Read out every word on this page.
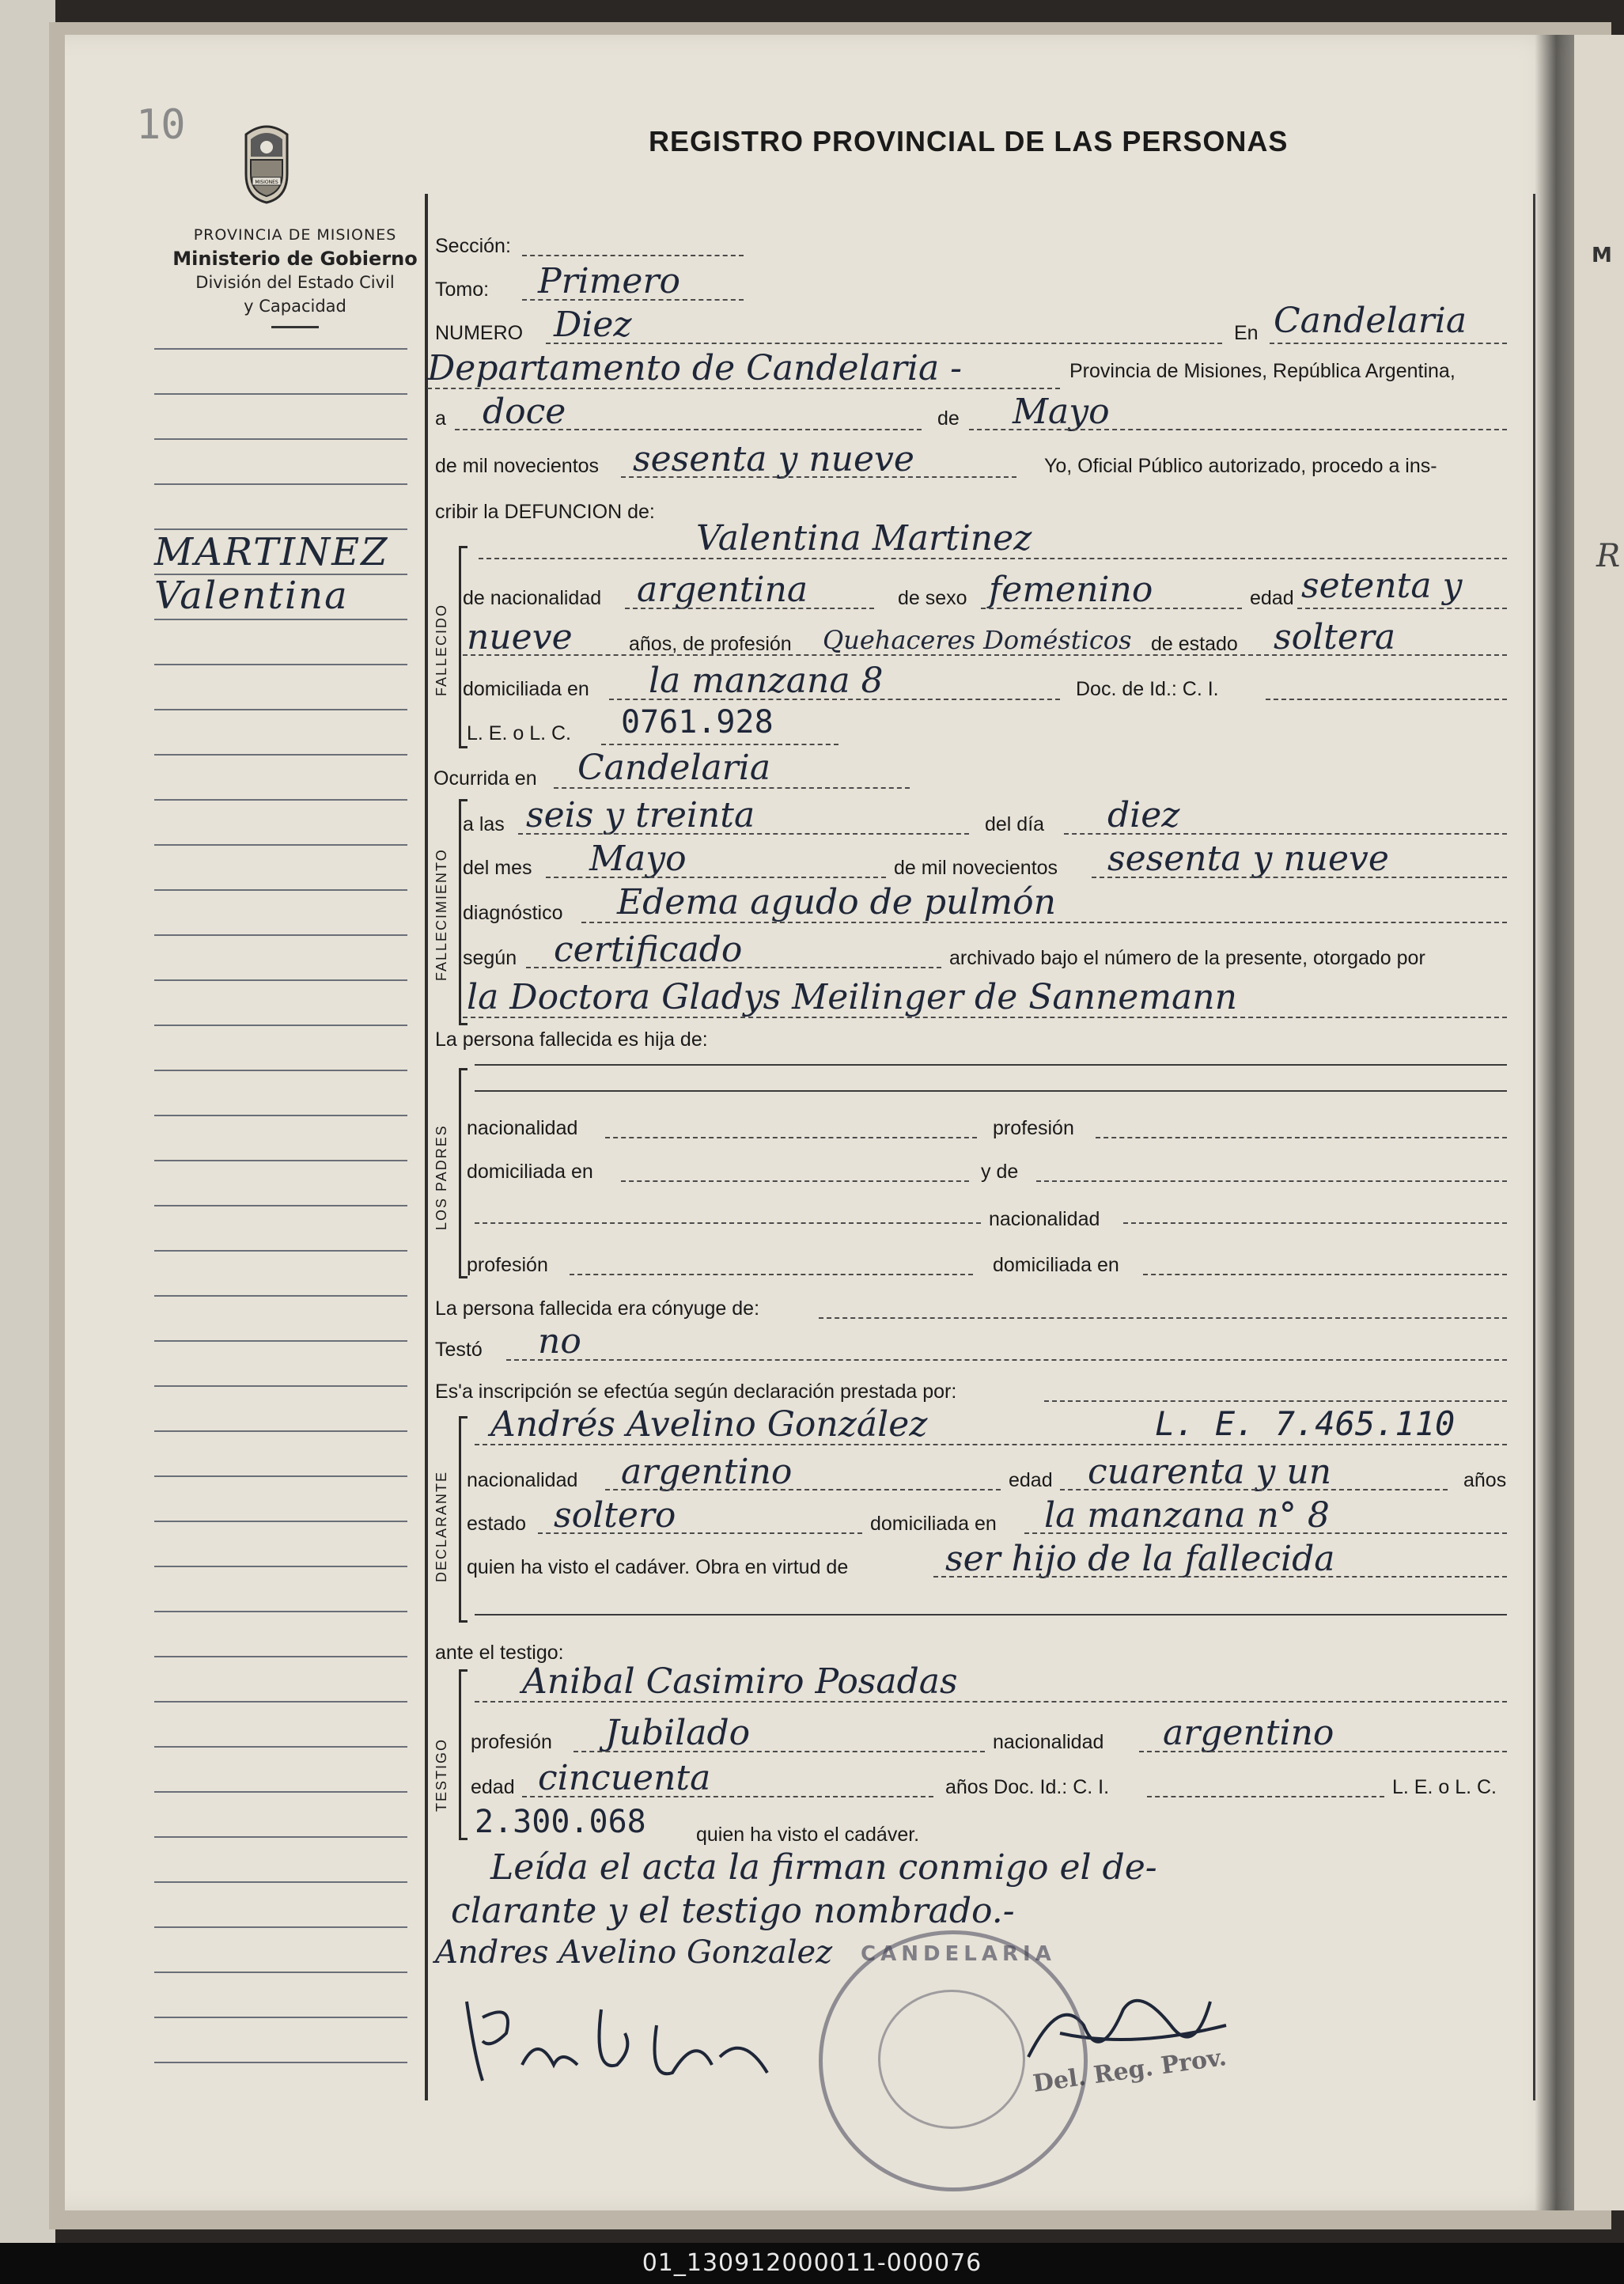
M
R
10
MISIONES
PROVINCIA DE MISIONES
Ministerio de Gobierno
División del Estado Civil
y Capacidad
REGISTRO PROVINCIAL DE LAS PERSONAS
MARTINEZ
Valentina
Sección:
Tomo: Primero
NUMERO Diez	En Candelaria
Departamento de Candelaria -	Provincia de Misiones, República Argentina,
a doce	de Mayo
de mil novecientos sesenta y nueve	Yo, Oficial Público autorizado, procedo a ins-
cribir la DEFUNCION de:
FALLECIDO
Valentina Martinez
de nacionalidad argentina	de sexo femenino	edad setenta y
nueve	años, de profesión Quehaceres Domésticos de estado soltera
domiciliada en la manzana 8	Doc. de Id.: C. I.
L. E. o L. C. 0761.928
Ocurrida en Candelaria
FALLECIMIENTO
a las seis y treinta	del día diez
del mes Mayo	de mil novecientos sesenta y nueve
diagnóstico Edema agudo de pulmón
según certificado	archivado bajo el número de la presente, otorgado por
la Doctora Gladys Meilinger de Sannemann
La persona fallecida es hija de:
LOS PADRES nacionalidad	profesión
domiciliada en	y de
nacionalidad
profesión	domiciliada en
La persona fallecida era cónyuge de:
Testó no
Es'a inscripción se efectúa según declaración prestada por:
DECLARANTE
Andrés Avelino González	L. E. 7.465.110
nacionalidad argentino	edad cuarenta y un	años
estado soltero	domiciliada en la manzana n° 8
quien ha visto el cadáver. Obra en virtud de	ser hijo de la fallecida
ante el testigo:
TESTIGO
Anibal Casimiro Posadas
profesión Jubilado	nacionalidad argentino
edad cincuenta	años Doc. Id.: C. I.	L. E. o L. C.
2.300.068	quien ha visto el cadáver.
Leída el acta la firman conmigo el de-
clarante y el testigo nombrado.-
Andres Avelino Gonzalez CANDELARIA
Del. Reg. Prov.
01_130912000011-000076
